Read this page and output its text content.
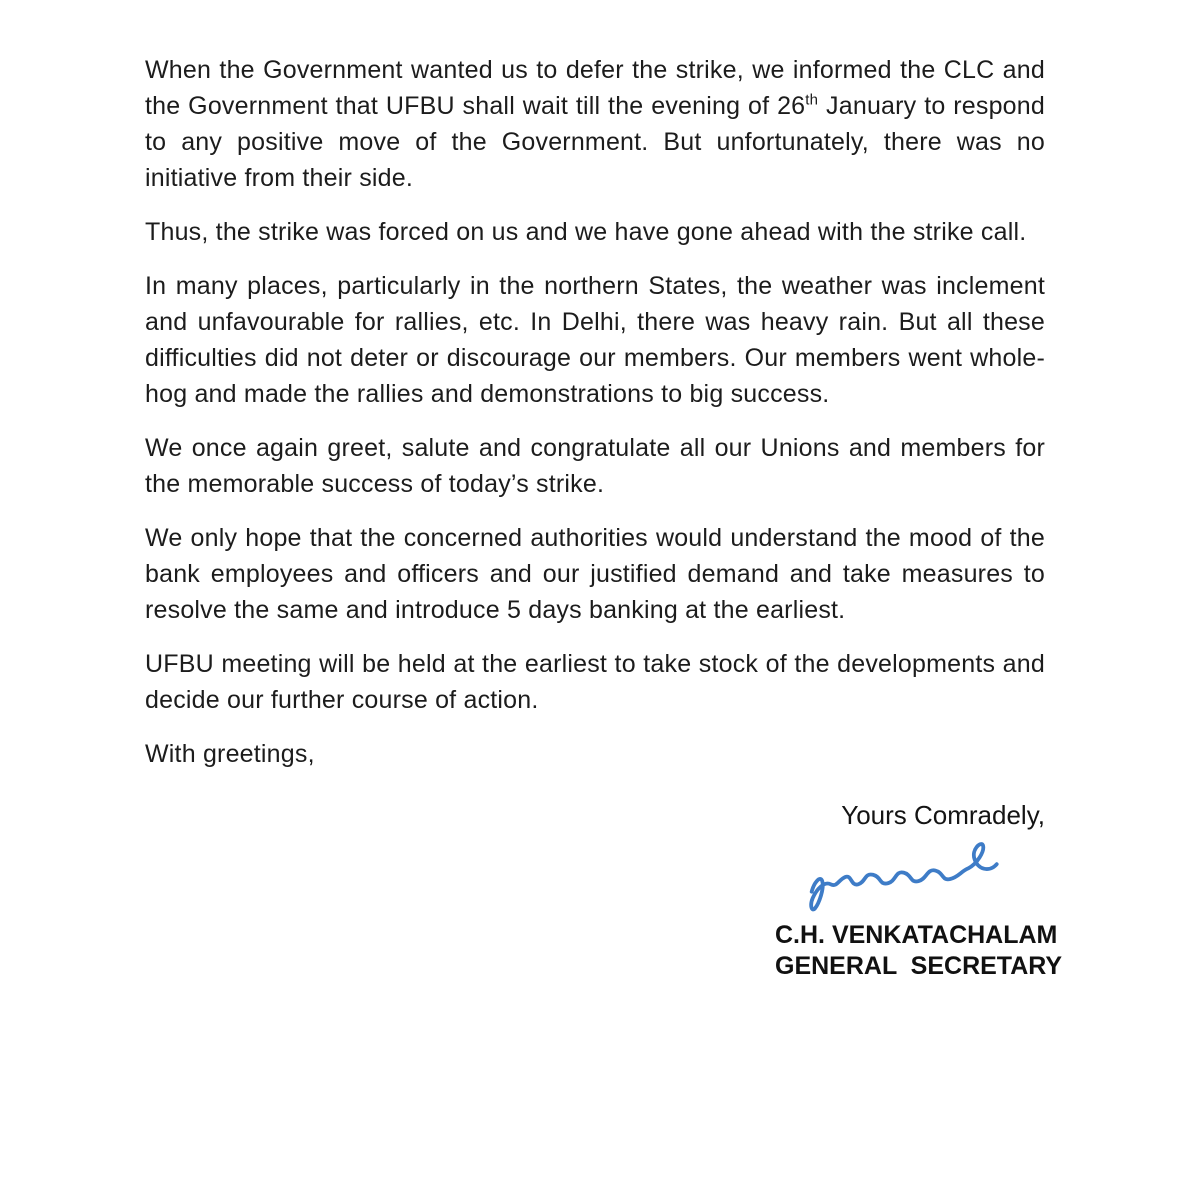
When the Government wanted us to defer the strike, we informed the CLC and the Government that UFBU shall wait till the evening of 26th January to respond to any positive move of the Government. But unfortunately, there was no initiative from their side.

Thus, the strike was forced on us and we have gone ahead with the strike call.

In many places, particularly in the northern States, the weather was inclement and unfavourable for rallies, etc. In Delhi, there was heavy rain. But all these difficulties did not deter or discourage our members. Our members went whole-hog and made the rallies and demonstrations to big success.

We once again greet, salute and congratulate all our Unions and members for the memorable success of today’s strike.

We only hope that the concerned authorities would understand the mood of the bank employees and officers and our justified demand and take measures to resolve the same and introduce 5 days banking at the earliest.

UFBU meeting will be held at the earliest to take stock of the developments and decide our further course of action.

With greetings,

Yours Comradely,
C.H. VENKATACHALAM
GENERAL  SECRETARY
